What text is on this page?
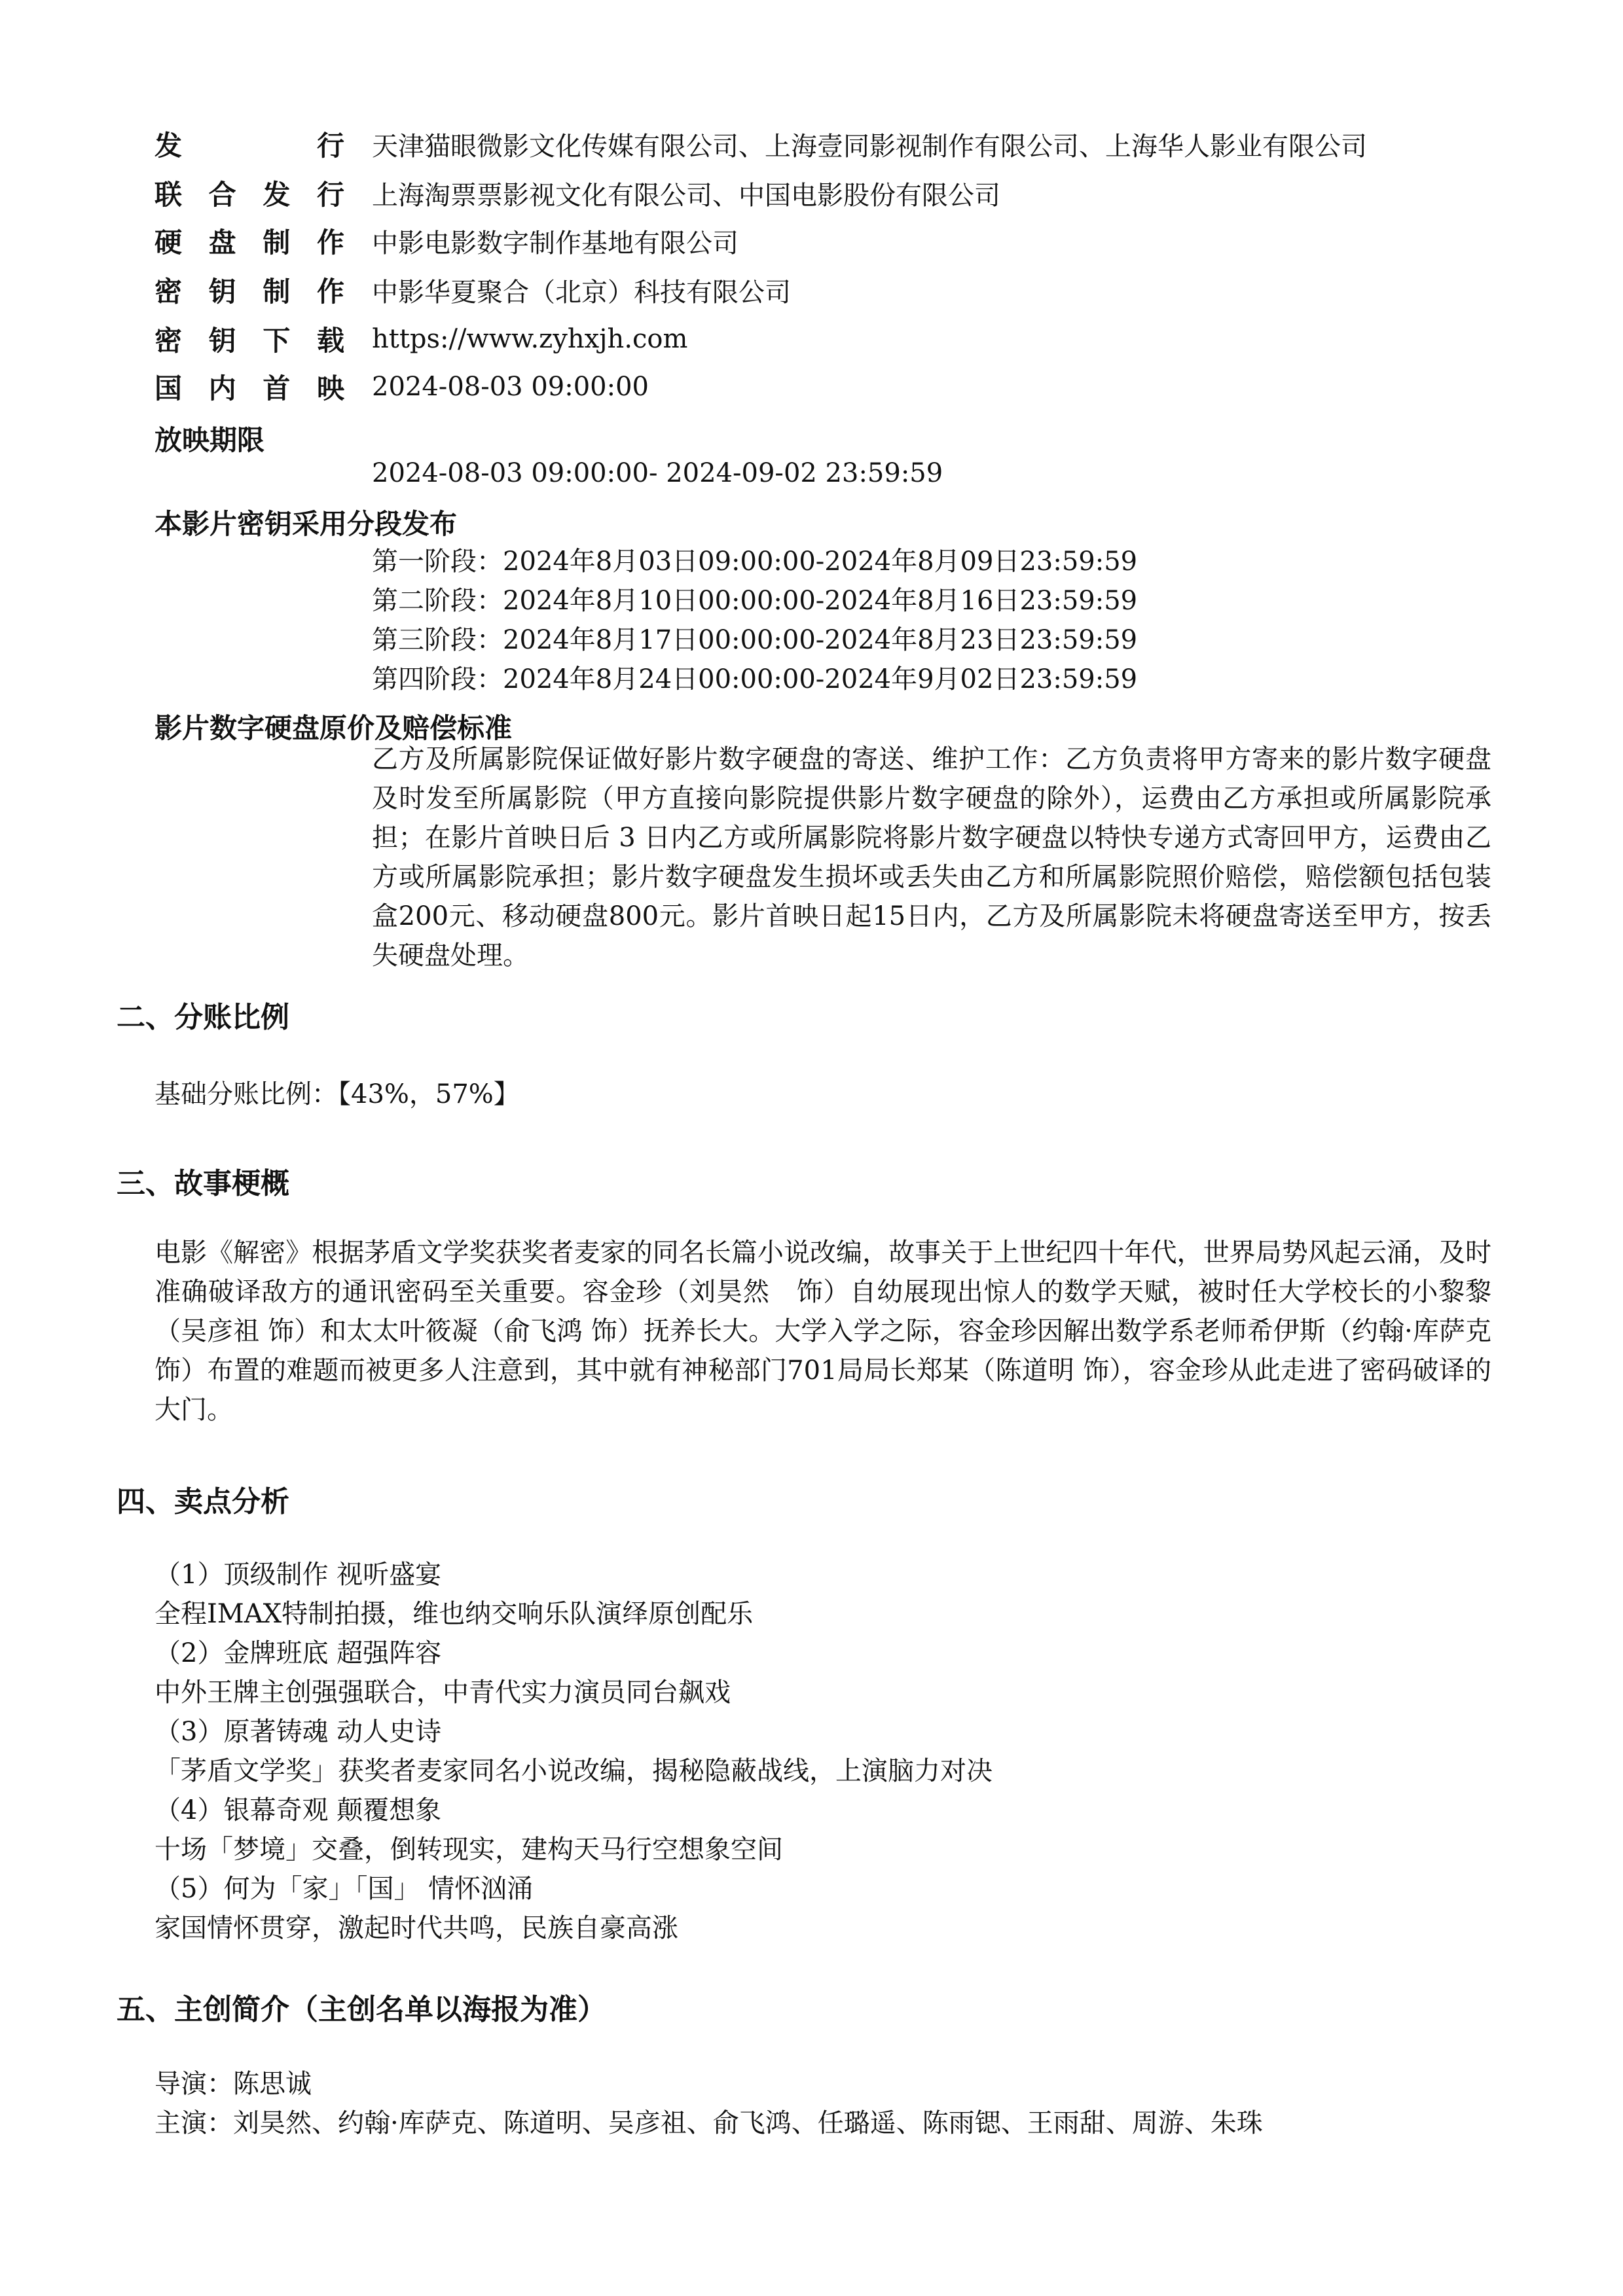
发	行 天津猫眼微影文化传媒有限公司、上海壹同影视制作有限公司、上海华人影业有限公司
联 合 发 行 上海淘票票影视文化有限公司、中国电影股份有限公司
硬 盘 制 作 中影电影数字制作基地有限公司
密 钥 制 作 中影华夏聚合（北京）科技有限公司
密 钥 下 载 https://www.zyhxjh.com
国 内 首 映 2024-08-03 09:00:00
放映期限
2024-08-03 09:00:00- 2024-09-02 23:59:59
本影片密钥采用分段发布
第一阶段：2024年8月03日09:00:00-2024年8月09日23:59:59
第二阶段：2024年8月10日00:00:00-2024年8月16日23:59:59
第三阶段：2024年8月17日00:00:00-2024年8月23日23:59:59
第四阶段：2024年8月24日00:00:00-2024年9月02日23:59:59
影片数字硬盘原价及赔偿标准
乙方及所属影院保证做好影片数字硬盘的寄送、维护工作：乙方负责将甲方寄来的影片数字硬盘及时发至所属影院（甲方直接向影院提供影片数字硬盘的除外），运费由乙方承担或所属影院承担；在影片首映日后 3 日内乙方或所属影院将影片数字硬盘以特快专递方式寄回甲方，运费由乙方或所属影院承担；影片数字硬盘发生损坏或丢失由乙方和所属影院照价赔偿，赔偿额包括包装盒200元、移动硬盘800元。影片首映日起15日内，乙方及所属影院未将硬盘寄送至甲方，按丢失硬盘处理。
二、分账比例
基础分账比例：【43%，57%】
三、故事梗概
电影《解密》根据茅盾文学奖获奖者麦家的同名长篇小说改编，故事关于上世纪四十年代，世界局势风起云涌，及时准确破译敌方的通讯密码至关重要。容金珍（刘昊然　饰）自幼展现出惊人的数学天赋，被时任大学校长的小黎黎（吴彦祖 饰）和太太叶筱凝（俞飞鸿 饰）抚养长大。大学入学之际，容金珍因解出数学系老师希伊斯（约翰·库萨克 饰）布置的难题而被更多人注意到，其中就有神秘部门701局局长郑某（陈道明 饰），容金珍从此走进了密码破译的大门。
四、卖点分析
（1）顶级制作 视听盛宴
全程IMAX特制拍摄，维也纳交响乐队演绎原创配乐
（2）金牌班底 超强阵容
中外王牌主创强强联合，中青代实力演员同台飙戏
（3）原著铸魂 动人史诗
「茅盾文学奖」获奖者麦家同名小说改编，揭秘隐蔽战线，上演脑力对决
（4）银幕奇观 颠覆想象
十场「梦境」交叠，倒转现实，建构天马行空想象空间
（5）何为「家」「国」 情怀汹涌
家国情怀贯穿，激起时代共鸣，民族自豪高涨
五、主创简介（主创名单以海报为准）
导演：陈思诚
主演：刘昊然、约翰·库萨克、陈道明、吴彦祖、俞飞鸿、任璐遥、陈雨锶、王雨甜、周游、朱珠
